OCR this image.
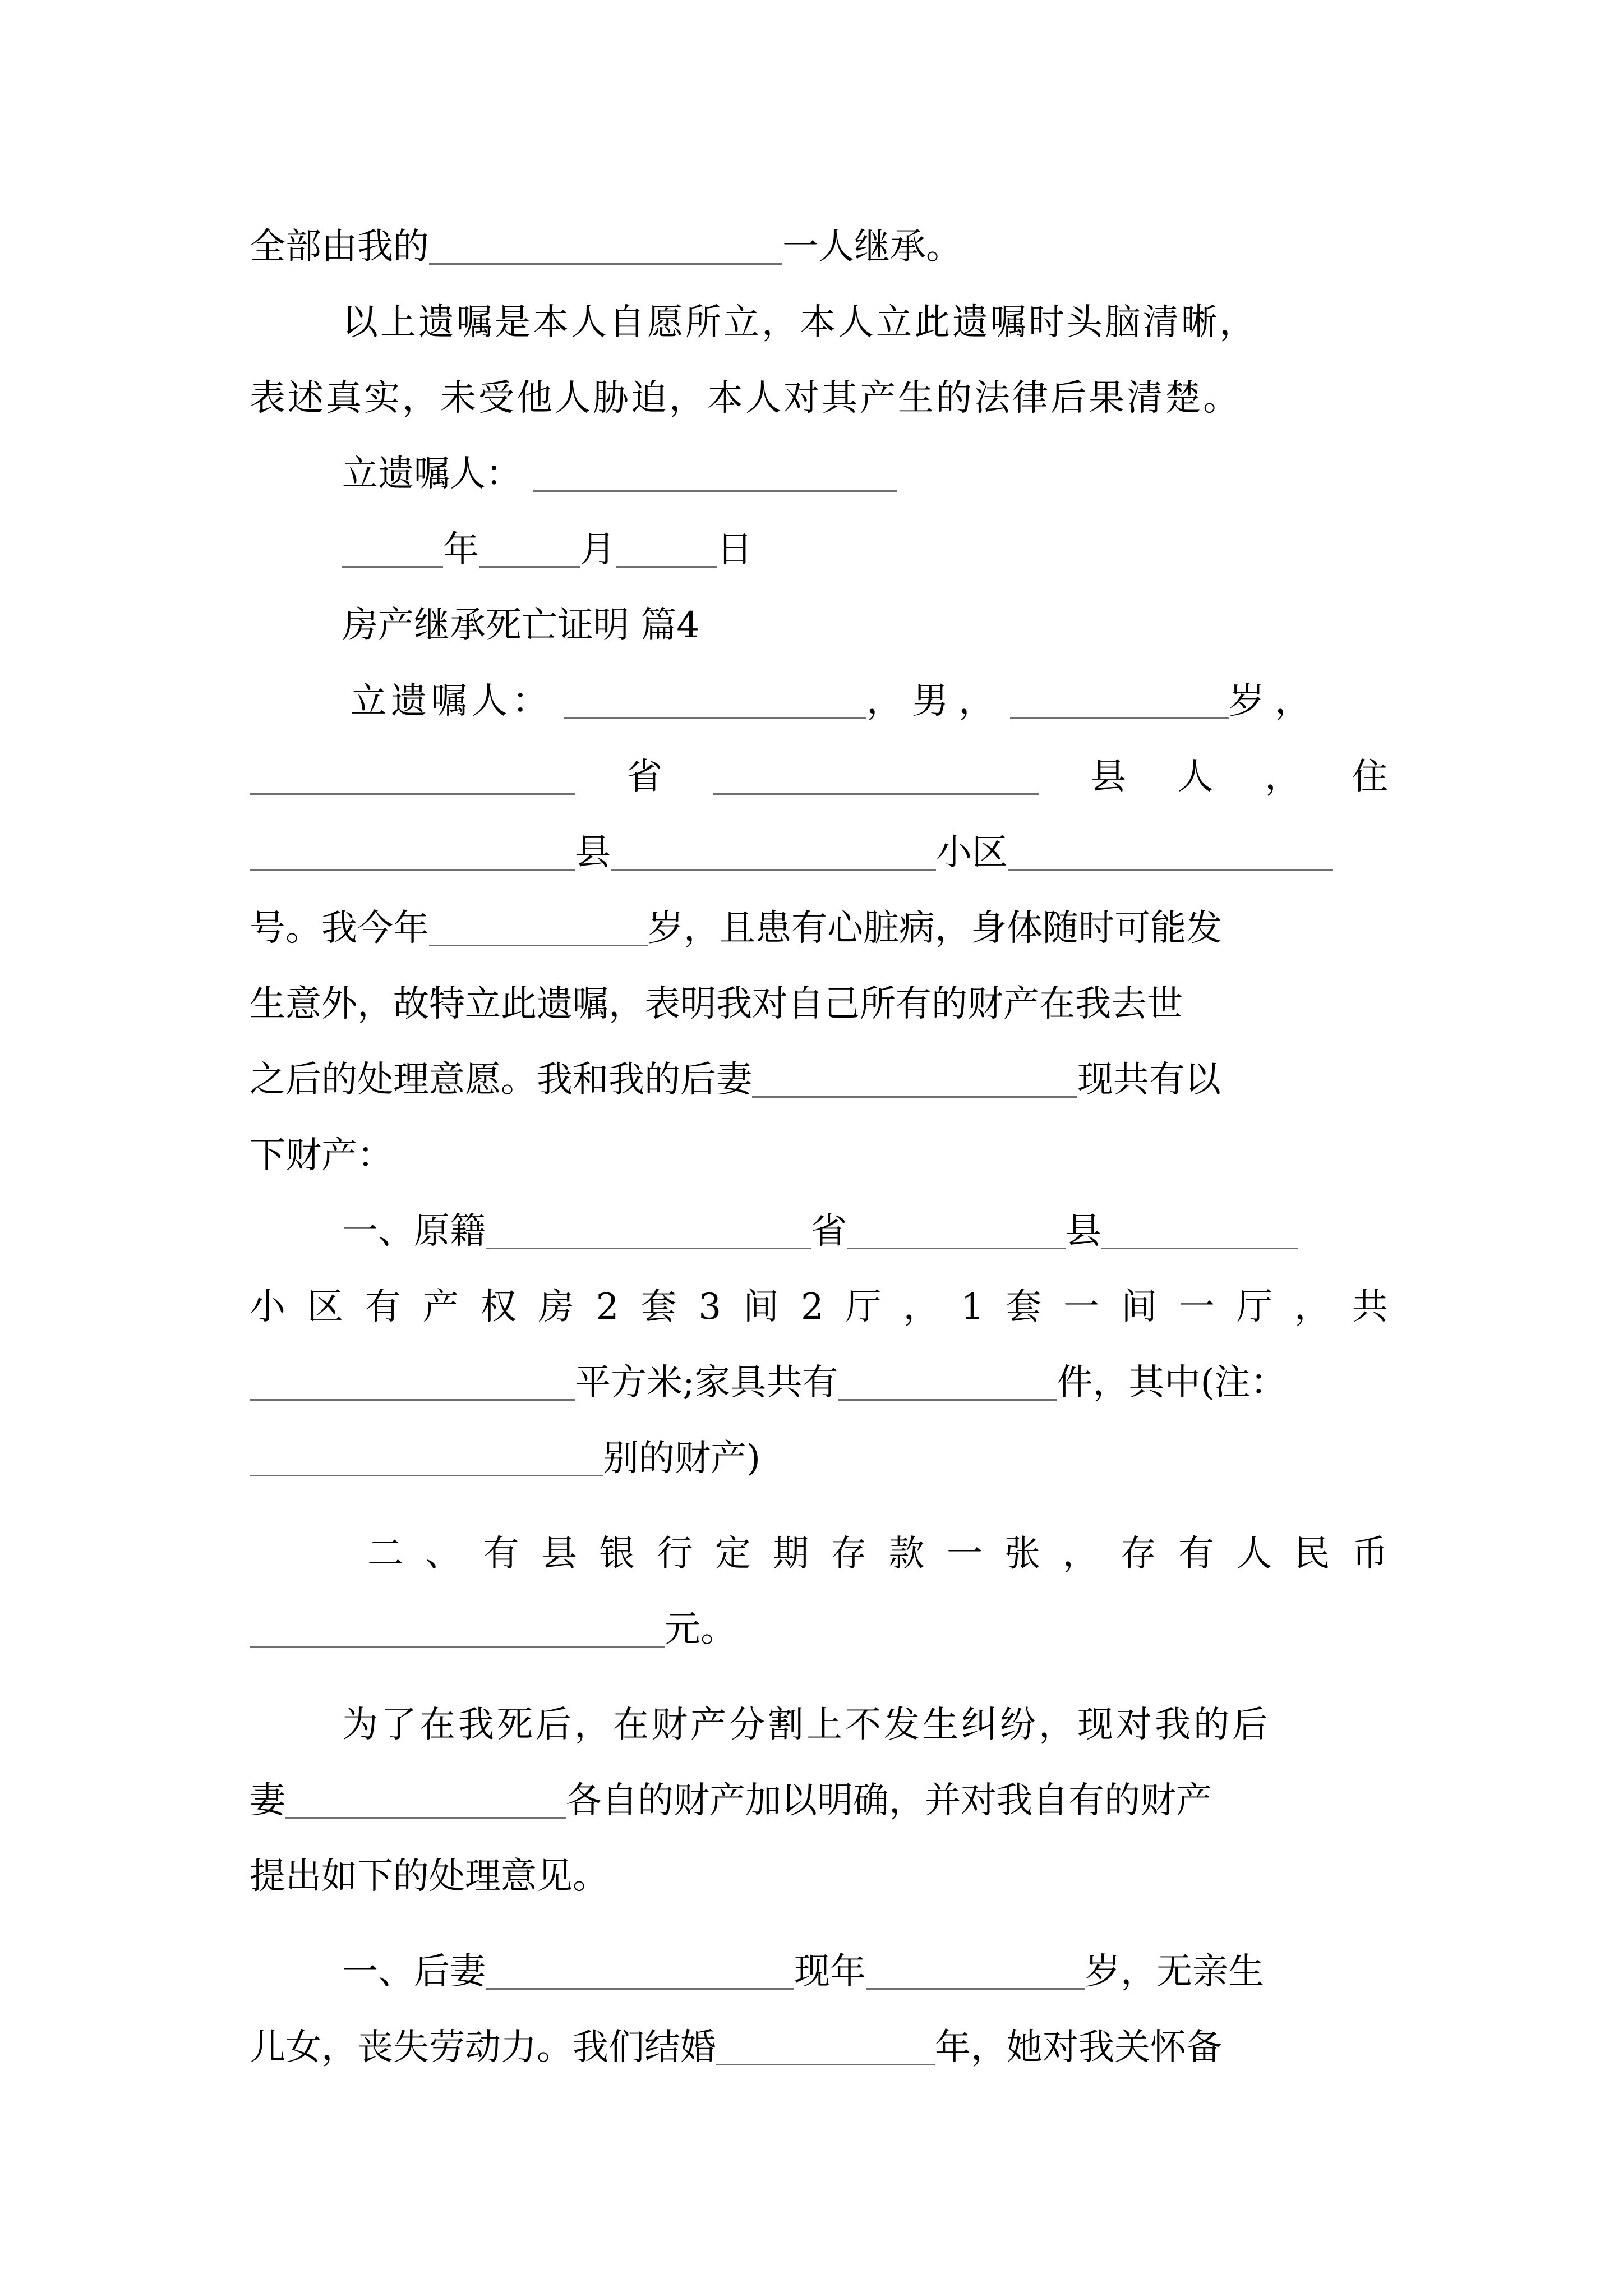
全部由我的	一人继承。
以上遗嘱是本人自愿所立，本人立此遗嘱时头脑清晰，
表述真实，未受他人胁迫，本人对其产生的法律后果清楚。
立遗嘱人：
年	月	日
房产继承死亡证明 篇4
立遗嘱人：	，男，	岁，
省	县 人 ， 住
县	小区
号。我今年	岁，且患有心脏病，身体随时可能发
生意外，故特立此遗嘱，表明我对自己所有的财产在我去世
之后的处理意愿。我和我的后妻	现共有以
下财产：
一、原籍	省	县
小 区 有 产 权 房 2 套 3 间 2 厅 ， 1 套 一 间 一 厅 ， 共
平方米;家具共有	件，其中(注：
别的财产)
二 、 有 县 银 行 定 期 存 款 一 张 ， 存 有 人 民 币
元。
为了在我死后，在财产分割上不发生纠纷，现对我的后
妻	各自的财产加以明确，并对我自有的财产
提出如下的处理意见。
一、后妻	现年	岁，无亲生
儿女，丧失劳动力。我们结婚	年，她对我关怀备
